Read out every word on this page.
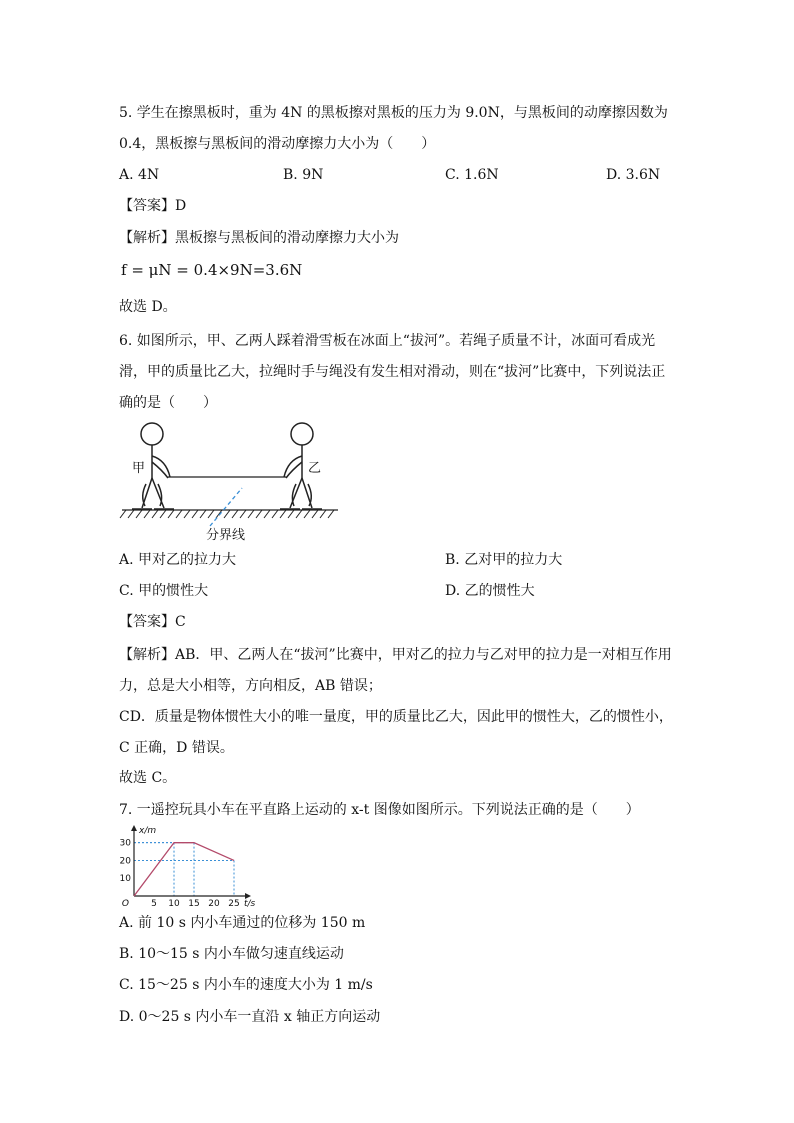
5. 学生在擦黑板时，重为 4N 的黑板擦对黑板的压力为 9.0N，与黑板间的动摩擦因数为
0.4，黑板擦与黑板间的滑动摩擦力大小为（　　）
A. 4N	B. 9N	C. 1.6N	D. 3.6N
【答案】D
【解析】黑板擦与黑板间的滑动摩擦力大小为
f = μN = 0.4×9N=3.6N
故选 D。
6. 如图所示，甲、乙两人踩着滑雪板在冰面上“拔河”。若绳子质量不计，冰面可看成光
滑，甲的质量比乙大，拉绳时手与绳没有发生相对滑动，则在“拔河”比赛中，下列说法正
确的是（　　）
甲	乙
分界线
A. 甲对乙的拉力大	B. 乙对甲的拉力大
C. 甲的惯性大	D. 乙的惯性大
【答案】C
【解析】AB．甲、乙两人在“拔河”比赛中，甲对乙的拉力与乙对甲的拉力是一对相互作用
力，总是大小相等，方向相反，AB 错误；
CD．质量是物体惯性大小的唯一量度，甲的质量比乙大，因此甲的惯性大，乙的惯性小，
C 正确，D 错误。
故选 C。
7. 一遥控玩具小车在平直路上运动的 x-t 图像如图所示。下列说法正确的是（　　）
5 10 15 20 25
10
20
30
O	t/s
x/m
A. 前 10 s 内小车通过的位移为 150 m
B. 10～15 s 内小车做匀速直线运动
C. 15～25 s 内小车的速度大小为 1 m/s
D. 0～25 s 内小车一直沿 x 轴正方向运动
